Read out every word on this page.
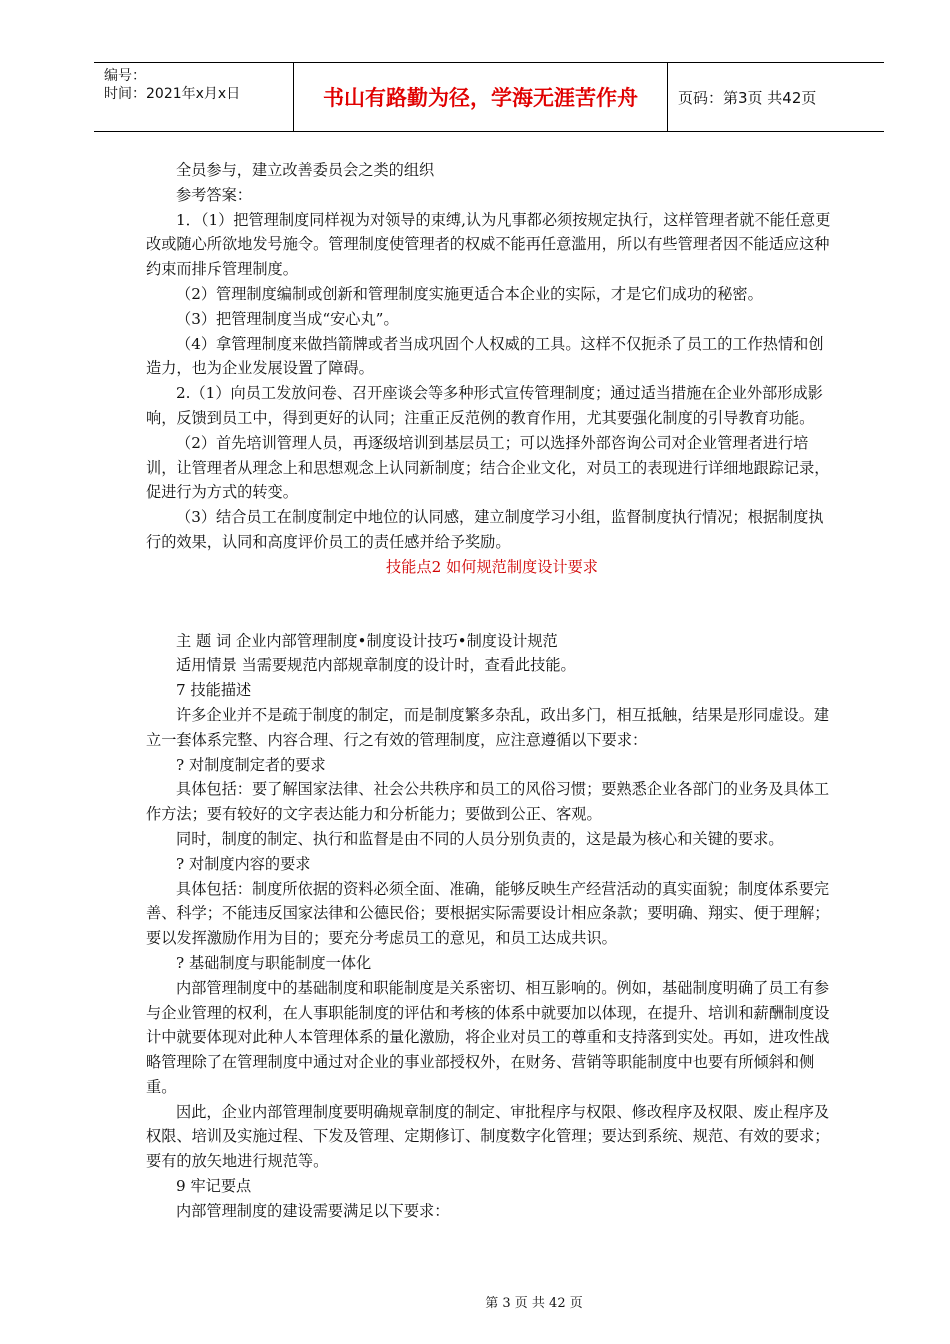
编号：
时间：2021年x月x日	书山有路勤为径，学海无涯苦作舟	页码：第3页 共42页

全员参与，建立改善委员会之类的组织

参考答案：

1．（1）把管理制度同样视为对领导的束缚,认为凡事都必须按规定执行，这样管理者就不能任意更改或随心所欲地发号施令。管理制度使管理者的权威不能再任意滥用，所以有些管理者因不能适应这种约束而排斥管理制度。

（2）管理制度编制或创新和管理制度实施更适合本企业的实际，才是它们成功的秘密。

（3）把管理制度当成“安心丸”。

（4）拿管理制度来做挡箭牌或者当成巩固个人权威的工具。这样不仅扼杀了员工的工作热情和创造力，也为企业发展设置了障碍。

2.（1）向员工发放问卷、召开座谈会等多种形式宣传管理制度；通过适当措施在企业外部形成影响，反馈到员工中，得到更好的认同；注重正反范例的教育作用，尤其要强化制度的引导教育功能。

（2）首先培训管理人员，再逐级培训到基层员工；可以选择外部咨询公司对企业管理者进行培训，让管理者从理念上和思想观念上认同新制度；结合企业文化，对员工的表现进行详细地跟踪记录，促进行为方式的转变。

（3）结合员工在制度制定中地位的认同感，建立制度学习小组，监督制度执行情况；根据制度执行的效果，认同和高度评价员工的责任感并给予奖励。

技能点2 如何规范制度设计要求

主 题 词 企业内部管理制度•制度设计技巧•制度设计规范

适用情景 当需要规范内部规章制度的设计时，查看此技能。

7 技能描述

许多企业并不是疏于制度的制定，而是制度繁多杂乱，政出多门，相互抵触，结果是形同虚设。建立一套体系完整、内容合理、行之有效的管理制度，应注意遵循以下要求：

? 对制度制定者的要求

具体包括：要了解国家法律、社会公共秩序和员工的风俗习惯；要熟悉企业各部门的业务及具体工作方法；要有较好的文字表达能力和分析能力；要做到公正、客观。

同时，制度的制定、执行和监督是由不同的人员分别负责的，这是最为核心和关键的要求。

? 对制度内容的要求

具体包括：制度所依据的资料必须全面、准确，能够反映生产经营活动的真实面貌；制度体系要完善、科学；不能违反国家法律和公德民俗；要根据实际需要设计相应条款；要明确、翔实、便于理解；要以发挥激励作用为目的；要充分考虑员工的意见，和员工达成共识。

? 基础制度与职能制度一体化

内部管理制度中的基础制度和职能制度是关系密切、相互影响的。例如，基础制度明确了员工有参与企业管理的权利，在人事职能制度的评估和考核的体系中就要加以体现，在提升、培训和薪酬制度设计中就要体现对此种人本管理体系的量化激励，将企业对员工的尊重和支持落到实处。再如，进攻性战略管理除了在管理制度中通过对企业的事业部授权外，在财务、营销等职能制度中也要有所倾斜和侧重。

因此，企业内部管理制度要明确规章制度的制定、审批程序与权限、修改程序及权限、废止程序及权限、培训及实施过程、下发及管理、定期修订、制度数字化管理；要达到系统、规范、有效的要求；要有的放矢地进行规范等。

9 牢记要点

内部管理制度的建设需要满足以下要求：

第 3 页 共 42 页
